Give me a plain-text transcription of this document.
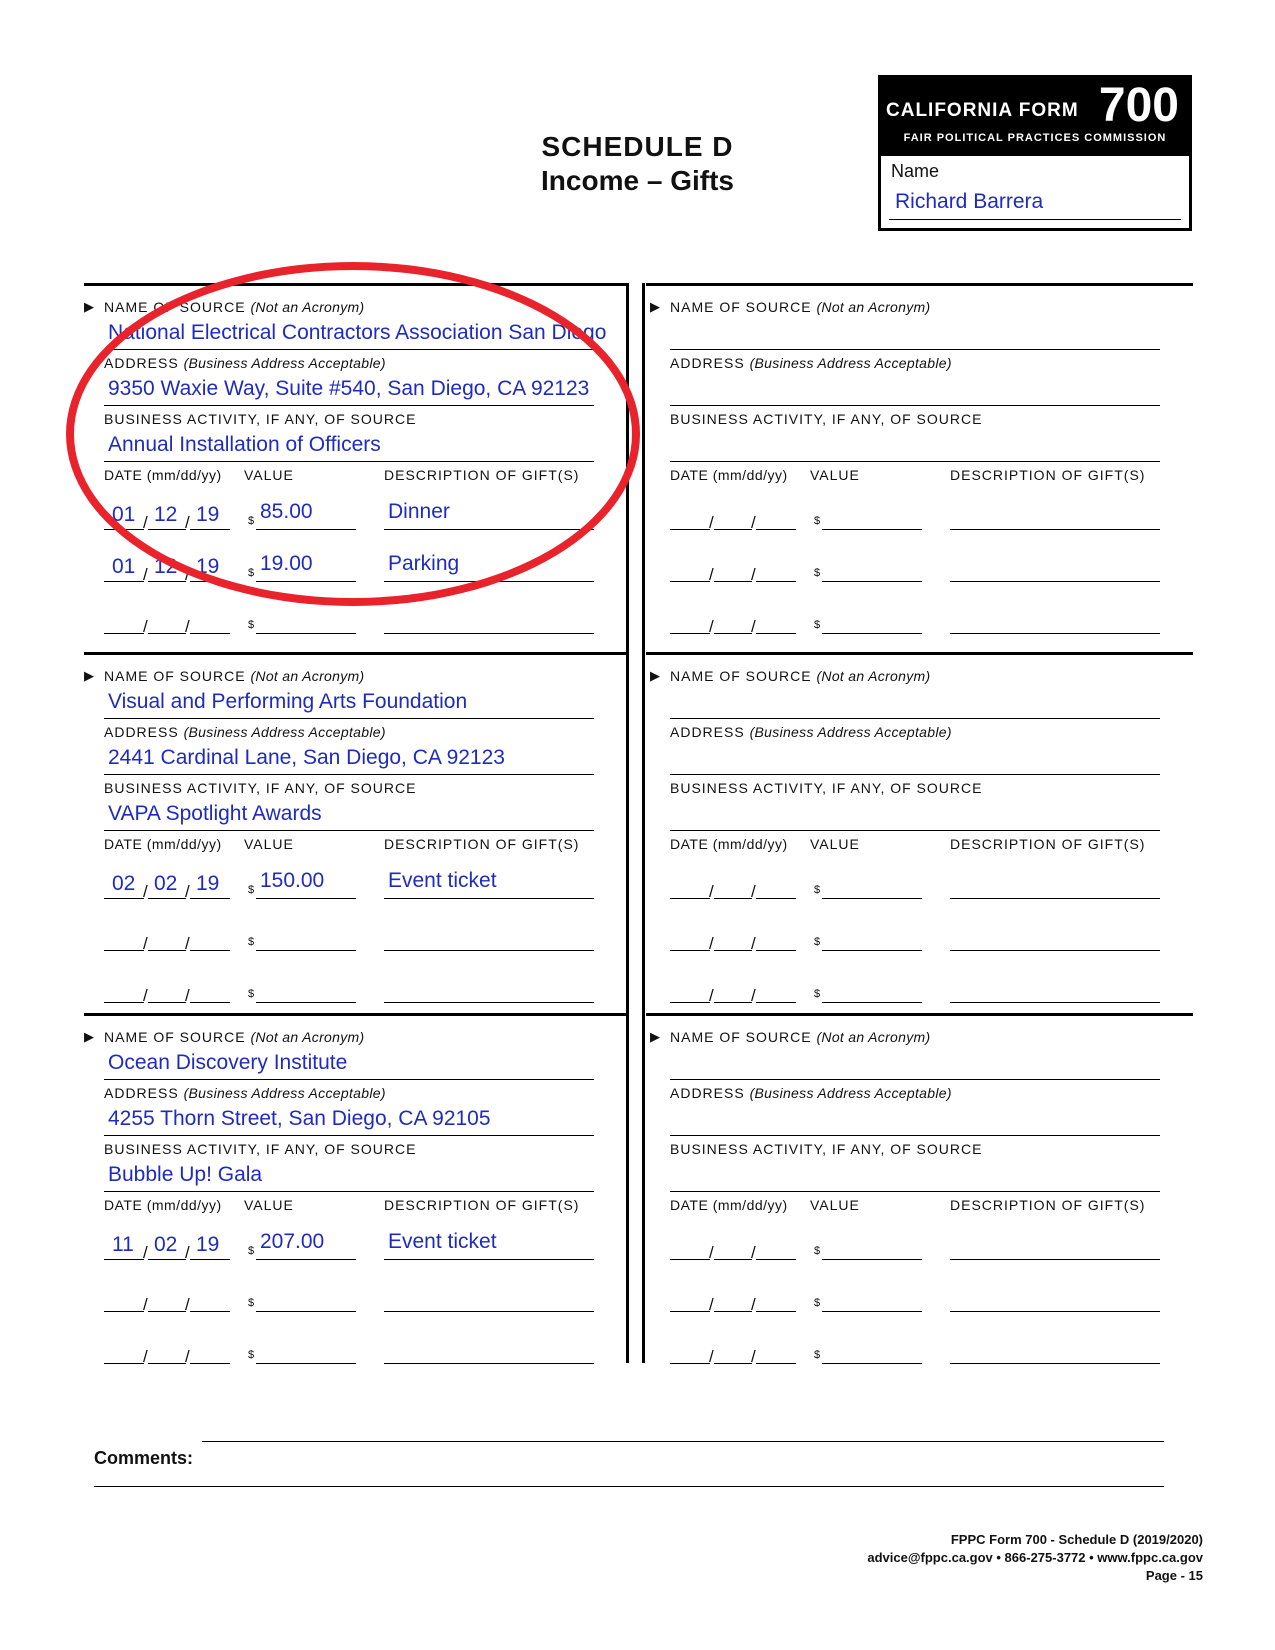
SCHEDULE D
Income – Gifts
CALIFORNIA FORM 700
FAIR POLITICAL PRACTICES COMMISSION
Name
Richard Barrera
▶ NAME OF SOURCE (Not an Acronym)
National Electrical Contractors Association San Diego
ADDRESS (Business Address Acceptable)
9350 Waxie Way, Suite #540, San Diego, CA 92123
BUSINESS ACTIVITY, IF ANY, OF SOURCE
Annual Installation of Officers
DATE (mm/dd/yy) VALUE	DESCRIPTION OF GIFT(S)
/ /
01 12 19	$ 85.00	Dinner
/ /
01 12 19	$ 19.00	Parking
/ /	$
▶ NAME OF SOURCE (Not an Acronym)
ADDRESS (Business Address Acceptable)
BUSINESS ACTIVITY, IF ANY, OF SOURCE
DATE (mm/dd/yy) VALUE	DESCRIPTION OF GIFT(S)
/ /	$
/ /	$
/ /	$
▶ NAME OF SOURCE (Not an Acronym)
Visual and Performing Arts Foundation
ADDRESS (Business Address Acceptable)
2441 Cardinal Lane, San Diego, CA 92123
BUSINESS ACTIVITY, IF ANY, OF SOURCE
VAPA Spotlight Awards
DATE (mm/dd/yy) VALUE	DESCRIPTION OF GIFT(S)
/ /
02 02 19	$ 150.00	Event ticket
/ /	$
/ /	$
▶ NAME OF SOURCE (Not an Acronym)
ADDRESS (Business Address Acceptable)
BUSINESS ACTIVITY, IF ANY, OF SOURCE
DATE (mm/dd/yy) VALUE	DESCRIPTION OF GIFT(S)
/ /	$
/ /	$
/ /	$
▶ NAME OF SOURCE (Not an Acronym)
Ocean Discovery Institute
ADDRESS (Business Address Acceptable)
4255 Thorn Street, San Diego, CA 92105
BUSINESS ACTIVITY, IF ANY, OF SOURCE
Bubble Up! Gala
DATE (mm/dd/yy) VALUE	DESCRIPTION OF GIFT(S)
/ /
11 02 19	$ 207.00	Event ticket
/ /	$
/ /	$
▶ NAME OF SOURCE (Not an Acronym)
ADDRESS (Business Address Acceptable)
BUSINESS ACTIVITY, IF ANY, OF SOURCE
DATE (mm/dd/yy) VALUE	DESCRIPTION OF GIFT(S)
/ /	$
/ /	$
/ /	$
Comments:
FPPC Form 700 - Schedule D (2019/2020)
advice@fppc.ca.gov • 866-275-3772 • www.fppc.ca.gov
Page - 15
